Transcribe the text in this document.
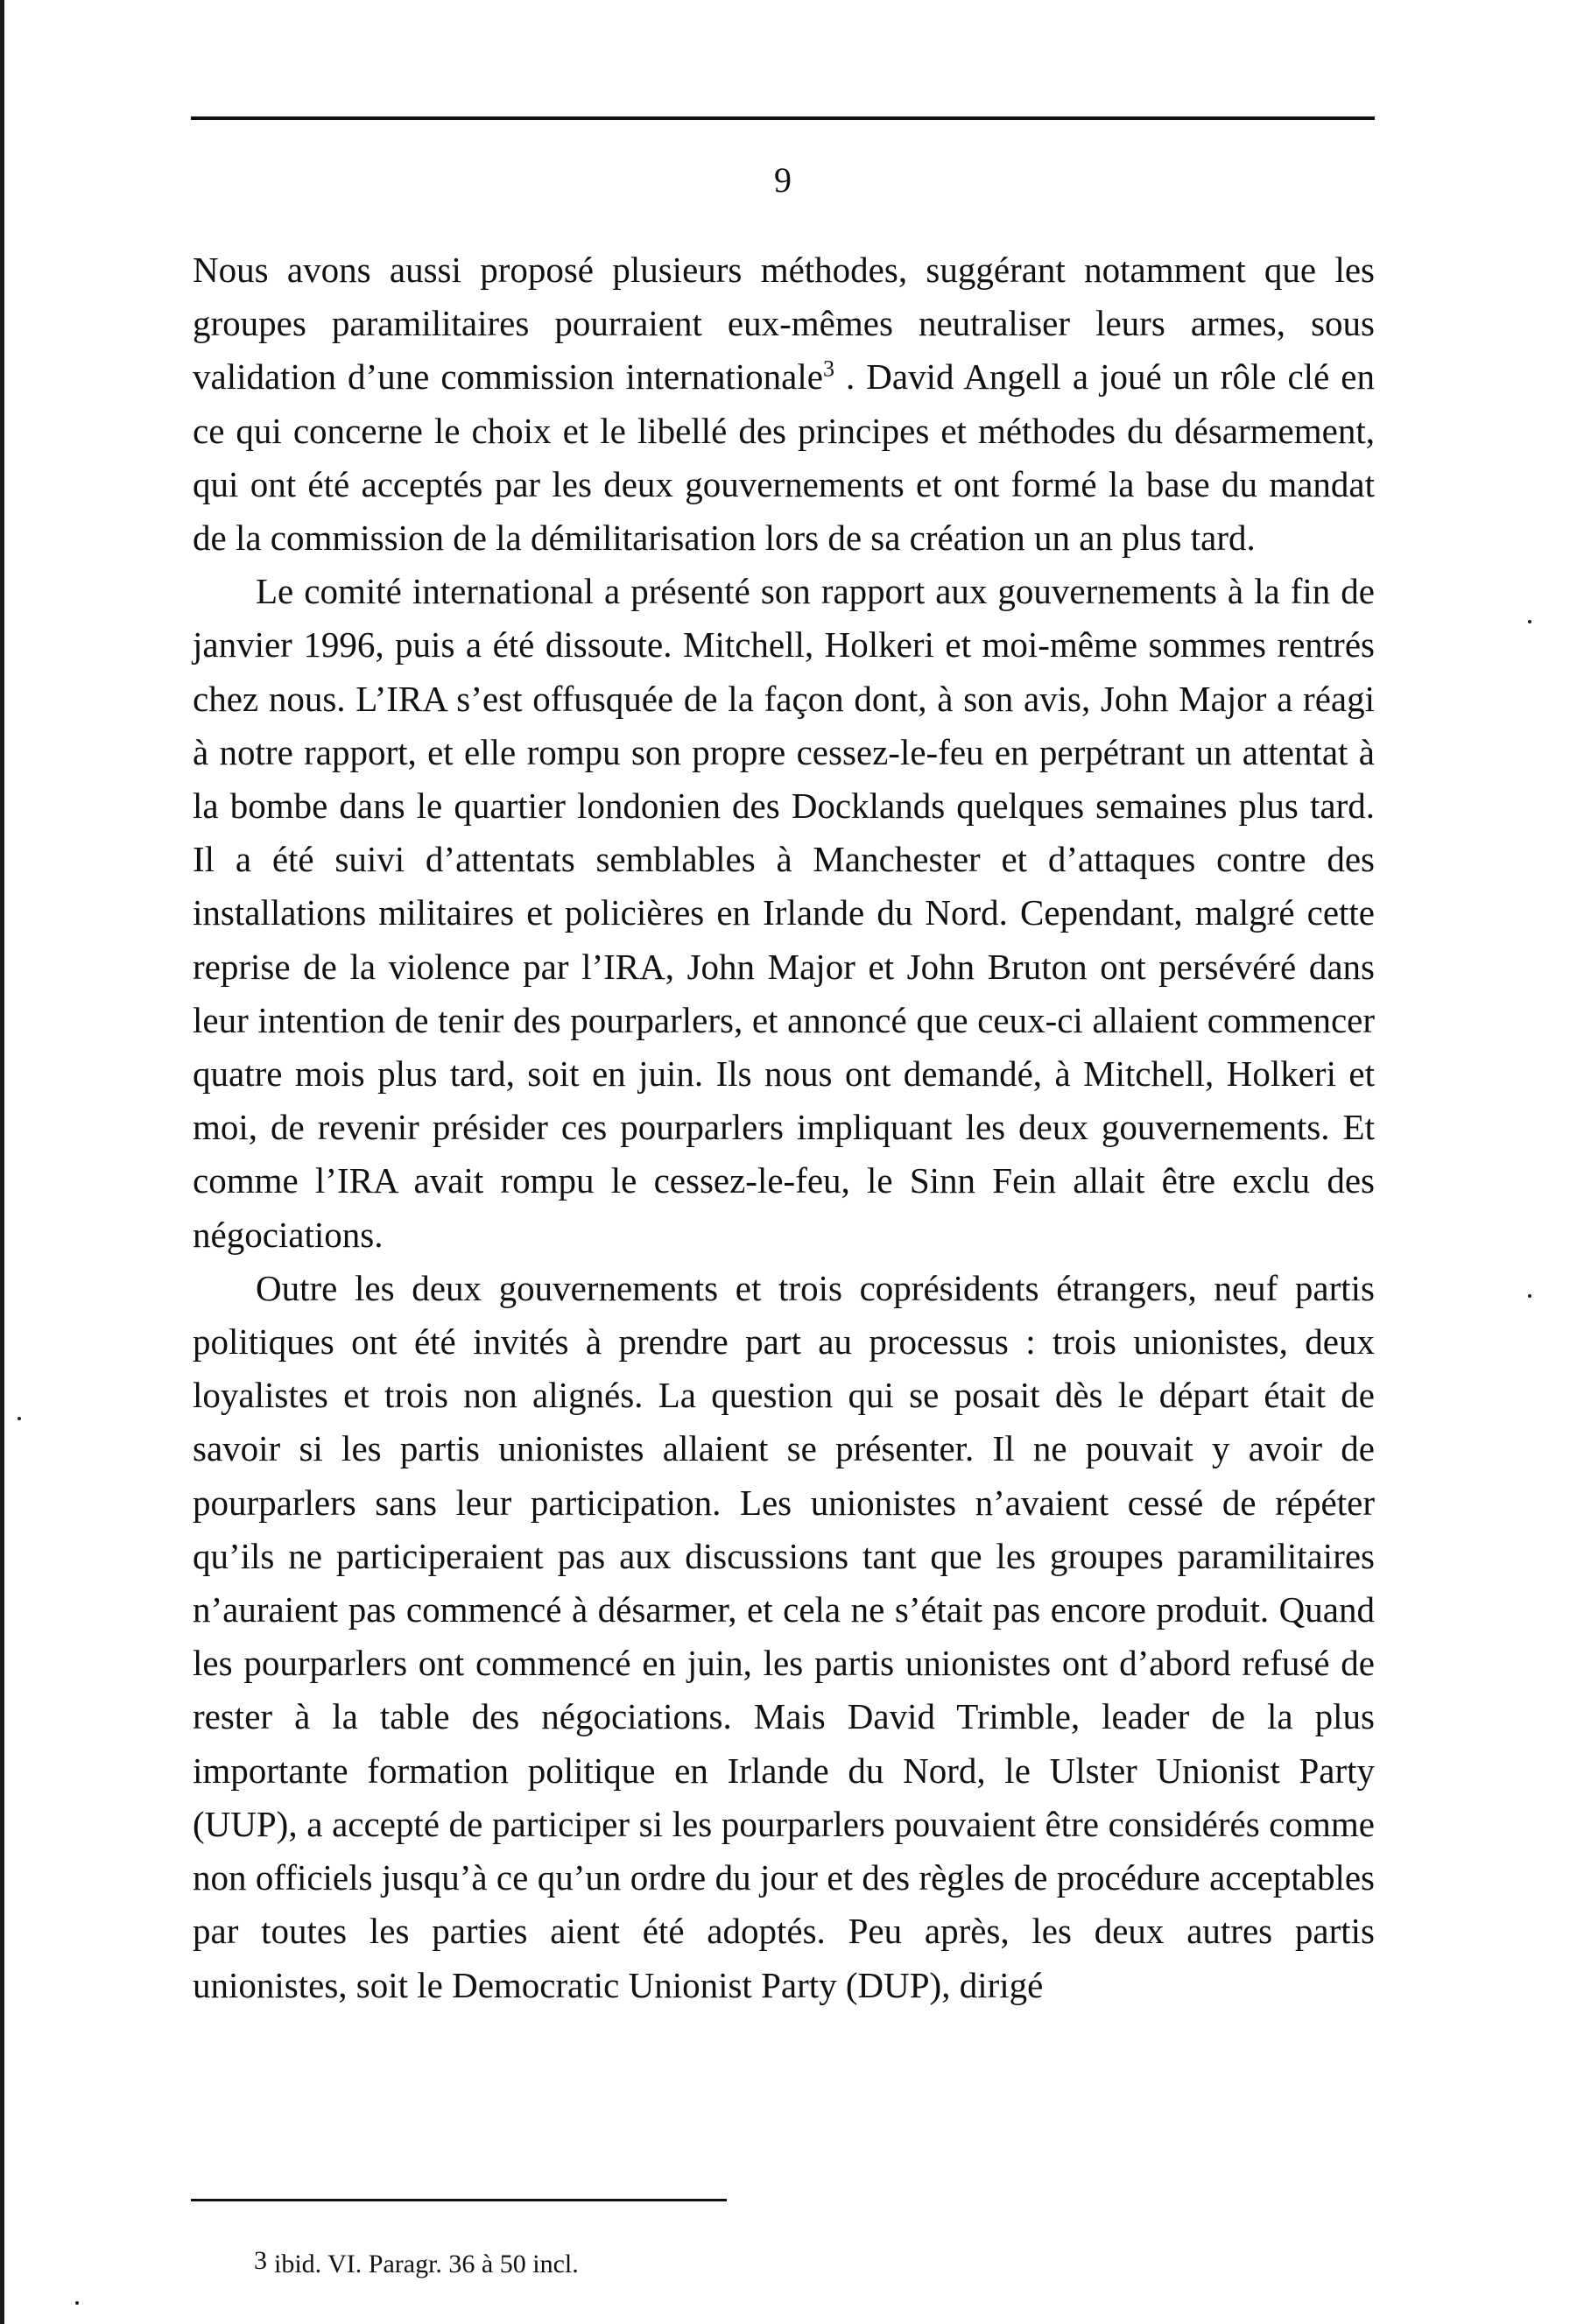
9

Nous avons aussi proposé plusieurs méthodes, suggérant notamment que les groupes paramilitaires pourraient eux-mêmes neutraliser leurs armes, sous validation d’une commission internationale$^3$ . David Angell a joué un rôle clé en ce qui concerne le choix et le libellé des principes et méthodes du désarmement, qui ont été acceptés par les deux gouvernements et ont formé la base du mandat de la commission de la démilitarisation lors de sa création un an plus tard.

Le comité international a présenté son rapport aux gouvernements à la fin de janvier 1996, puis a été dissoute. Mitchell, Holkeri et moi-même sommes rentrés chez nous. L’IRA s’est offusquée de la façon dont, à son avis, John Major a réagi à notre rapport, et elle rompu son propre cessez-le-feu en perpétrant un attentat à la bombe dans le quartier londonien des Docklands quelques semaines plus tard. Il a été suivi d’attentats semblables à Manchester et d’attaques contre des installations militaires et policières en Irlande du Nord. Cependant, malgré cette reprise de la violence par l’IRA, John Major et John Bruton ont persévéré dans leur intention de tenir des pourparlers, et annoncé que ceux-ci allaient commencer quatre mois plus tard, soit en juin. Ils nous ont demandé, à Mitchell, Holkeri et moi, de revenir présider ces pourparlers impliquant les deux gouvernements. Et comme l’IRA avait rompu le cessez-le-feu, le Sinn Fein allait être exclu des négociations.

Outre les deux gouvernements et trois coprésidents étrangers, neuf partis politiques ont été invités à prendre part au processus : trois unionistes, deux loyalistes et trois non alignés. La question qui se posait dès le départ était de savoir si les partis unionistes allaient se présenter. Il ne pouvait y avoir de pourparlers sans leur participation. Les unionistes n’avaient cessé de répéter qu’ils ne participeraient pas aux discussions tant que les groupes paramilitaires n’auraient pas commencé à désarmer, et cela ne s’était pas encore produit. Quand les pourparlers ont commencé en juin, les partis unionistes ont d’abord refusé de rester à la table des négociations. Mais David Trimble, leader de la plus importante formation politique en Irlande du Nord, le Ulster Unionist Party (UUP), a accepté de participer si les pourparlers pouvaient être considérés comme non officiels jusqu’à ce qu’un ordre du jour et des règles de procédure acceptables par toutes les parties aient été adoptés. Peu après, les deux autres partis unionistes, soit le Democratic Unionist Party (DUP), dirigé

$^3$ ibid. VI. Paragr. 36 à 50 incl.
